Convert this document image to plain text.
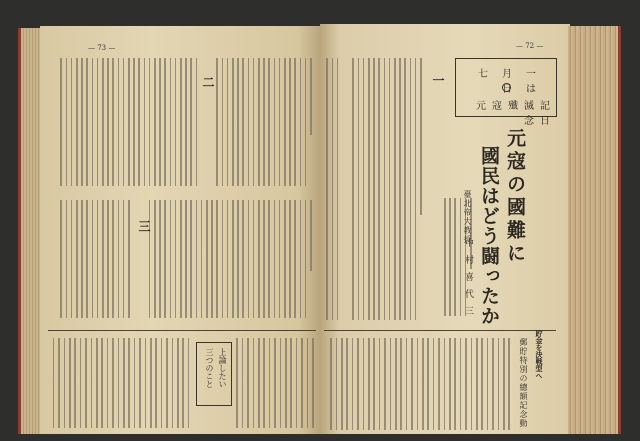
— 73 —	— 72 —
七月一日は
元寇殲滅記念日
一
元寇の國難に
國民はどう闘ったか
臺北帝大教授
中村喜代三
二
三
上論したい
三つのこと	貯金を決戦型へ
郵貯特別の總額記念動
